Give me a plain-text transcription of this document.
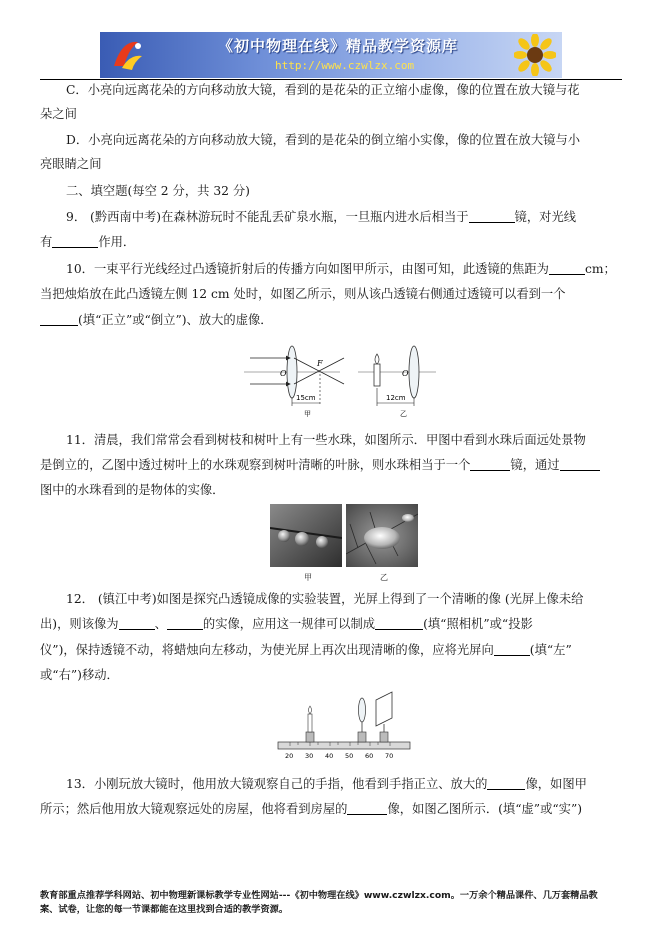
《初中物理在线》精品教学资源库
http://www.czwlzx.com
C．小亮向远离花朵的方向移动放大镜，看到的是花朵的正立缩小虚像，像的位置在放大镜与花
朵之间
D．小亮向远离花朵的方向移动放大镜，看到的是花朵的倒立缩小实像，像的位置在放大镜与小
亮眼睛之间
二、填空题(每空 2 分，共 32 分)
9． (黔西南中考)在森林游玩时不能乱丢矿泉水瓶，一旦瓶内进水后相当于	镜，对光线
有	作用．
10．一束平行光线经过凸透镜折射后的传播方向如图甲所示，由图可知，此透镜的焦距为	cm；
当把烛焰放在此凸透镜左侧 12 cm 处时，如图乙所示，则从该凸透镜右侧通过透镜可以看到一个
(填“正立”或“倒立”)、放大的虚像．
O
F
15cm
甲
O
12cm
乙
11．清晨，我们常常会看到树枝和树叶上有一些水珠，如图所示．甲图中看到水珠后面远处景物
是倒立的，乙图中透过树叶上的水珠观察到树叶清晰的叶脉，则水珠相当于一个	镜，通过
图中的水珠看到的是物体的实像．
甲	乙
12． (镇江中考)如图是探究凸透镜成像的实验装置，光屏上得到了一个清晰的像 (光屏上像未给
出)，则该像为	、	的实像，应用这一规律可以制成	(填“照相机”或“投影
仪”)，保持透镜不动，将蜡烛向左移动，为使光屏上再次出现清晰的像，应将光屏向	(填“左”
或“右”)移动．
20 30 40 50 60 70
13．小刚玩放大镜时，他用放大镜观察自己的手指，他看到手指正立、放大的	像，如图甲
所示；然后他用放大镜观察远处的房屋，他将看到房屋的	像，如图乙图所示．(填“虚”或“实”)
教育部重点推荐学科网站、初中物理新课标教学专业性网站---《初中物理在线》www.czwlzx.com。一万余个精品课件、几万套精品教
案、试卷，让您的每一节课都能在这里找到合适的教学资源。
